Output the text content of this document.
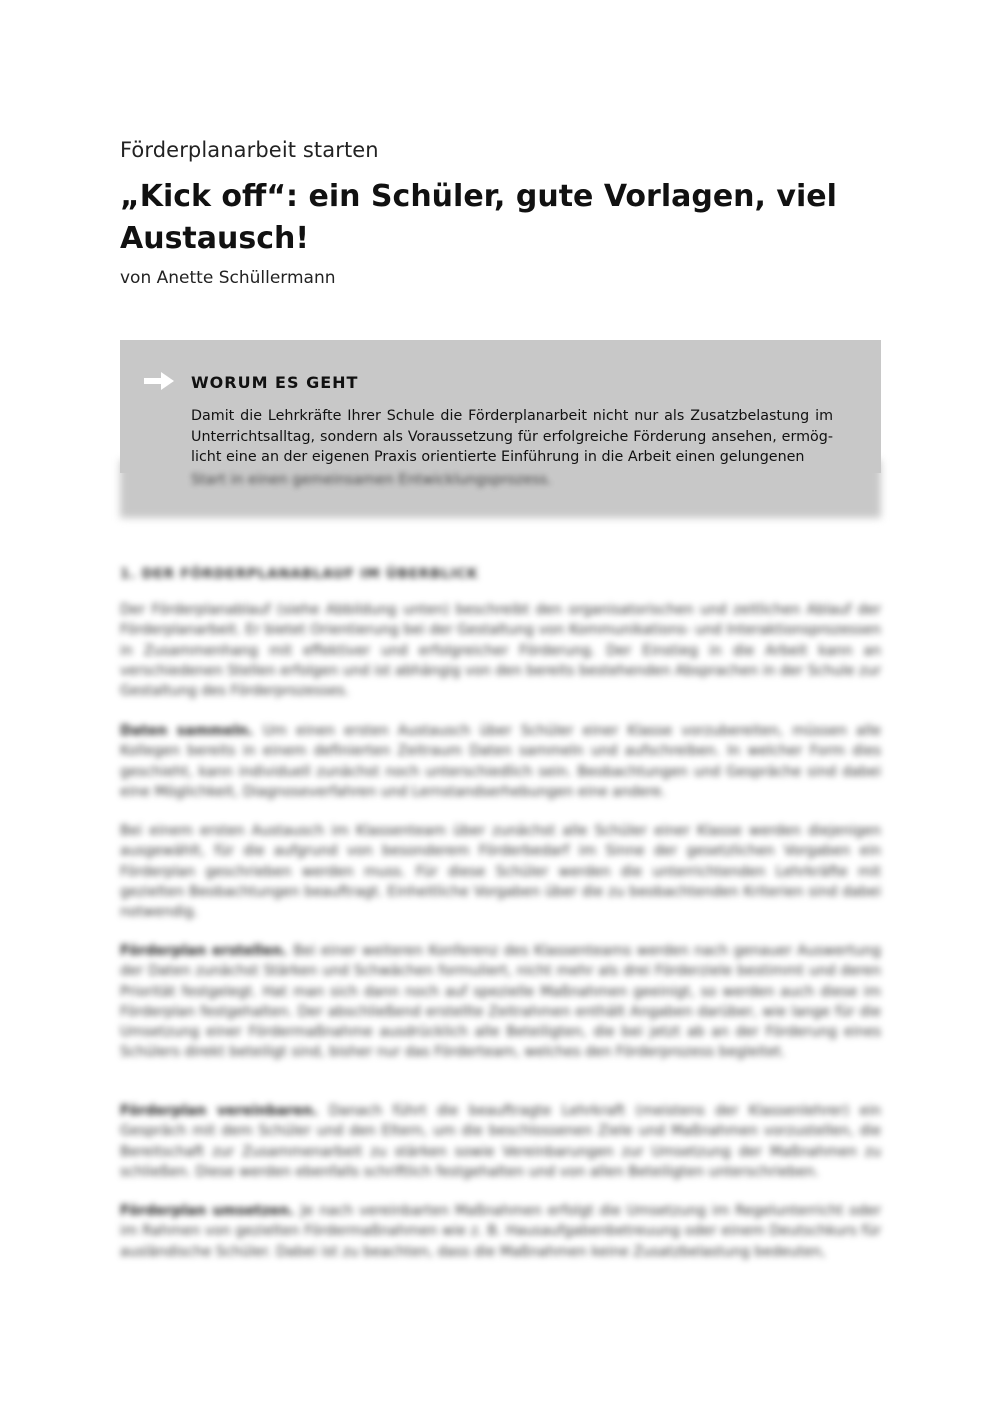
Förderplanarbeit starten
„Kick off“: ein Schüler, gute Vorlagen, viel Austausch!
von Anette Schüllermann
WORUM ES GEHT
Damit die Lehrkräfte Ihrer Schule die Förderplanarbeit nicht nur als Zusatzbelastung im Unterrichtsalltag, sondern als Voraussetzung für erfolgreiche Förderung ansehen, ermög- licht eine an der eigenen Praxis orientierte Einführung in die Arbeit einen gelungenen
Start in einen gemeinsamen Entwicklungsprozess.
1. DER FÖRDERPLANABLAUF IM ÜBERBLICK
Der Förderplanablauf (siehe Abbildung unten) beschreibt den organisatorischen und zeitlichen Ablauf der Förderplanarbeit. Er bietet Orientierung bei der Gestaltung von Kommunikations- und Interaktionsprozessen in Zusammenhang mit effektiver und erfolgreicher Förderung. Der Einstieg in die Arbeit kann an verschiedenen Stellen erfolgen und ist abhängig von den bereits bestehenden Absprachen in der Schule zur Gestaltung des Förderprozesses.
Daten sammeln. Um einen ersten Austausch über Schüler einer Klasse vorzubereiten, müssen alle Kollegen bereits in einem definierten Zeitraum Daten sammeln und aufschreiben. In welcher Form dies geschieht, kann individuell zunächst noch unterschiedlich sein. Beobachtungen und Gespräche sind dabei eine Möglichkeit, Diagnoseverfahren und Lernstandserhebungen eine andere.
Bei einem ersten Austausch im Klassenteam über zunächst alle Schüler einer Klasse werden diejenigen ausgewählt, für die aufgrund von besonderem Förderbedarf im Sinne der gesetzlichen Vorgaben ein Förderplan geschrieben werden muss. Für diese Schüler werden die unterrichtenden Lehrkräfte mit gezielten Beobachtungen beauftragt. Einheitliche Vorgaben über die zu beobachtenden Kriterien sind dabei notwendig.
Förderplan erstellen. Bei einer weiteren Konferenz des Klassenteams werden nach genauer Auswertung der Daten zunächst Stärken und Schwächen formuliert, nicht mehr als drei Förderziele bestimmt und deren Priorität festgelegt. Hat man sich dann noch auf spezielle Maßnahmen geeinigt, so werden auch diese im Förderplan festgehalten. Der abschließend erstellte Zeitrahmen enthält Angaben darüber, wie lange für die Umsetzung einer Fördermaßnahme ausdrücklich alle Beteiligten, die bei jetzt ab an der Förderung eines Schülers direkt beteiligt sind, bisher nur das Förderteam, welches den Förderprozess begleitet.
Förderplan vereinbaren. Danach führt die beauftragte Lehrkraft (meistens der Klassenlehrer) ein Gespräch mit dem Schüler und den Eltern, um die beschlossenen Ziele und Maßnahmen vorzustellen, die Bereitschaft zur Zusammenarbeit zu stärken sowie Vereinbarungen zur Umsetzung der Maßnahmen zu schließen. Diese werden ebenfalls schriftlich festgehalten und von allen Beteiligten unterschrieben.
Förderplan umsetzen. Je nach vereinbarten Maßnahmen erfolgt die Umsetzung im Regelunterricht oder im Rahmen von gezielten Fördermaßnahmen wie z. B. Hausaufgabenbetreuung oder einem Deutschkurs für ausländische Schüler. Dabei ist zu beachten, dass die Maßnahmen keine Zusatzbelastung bedeuten,
